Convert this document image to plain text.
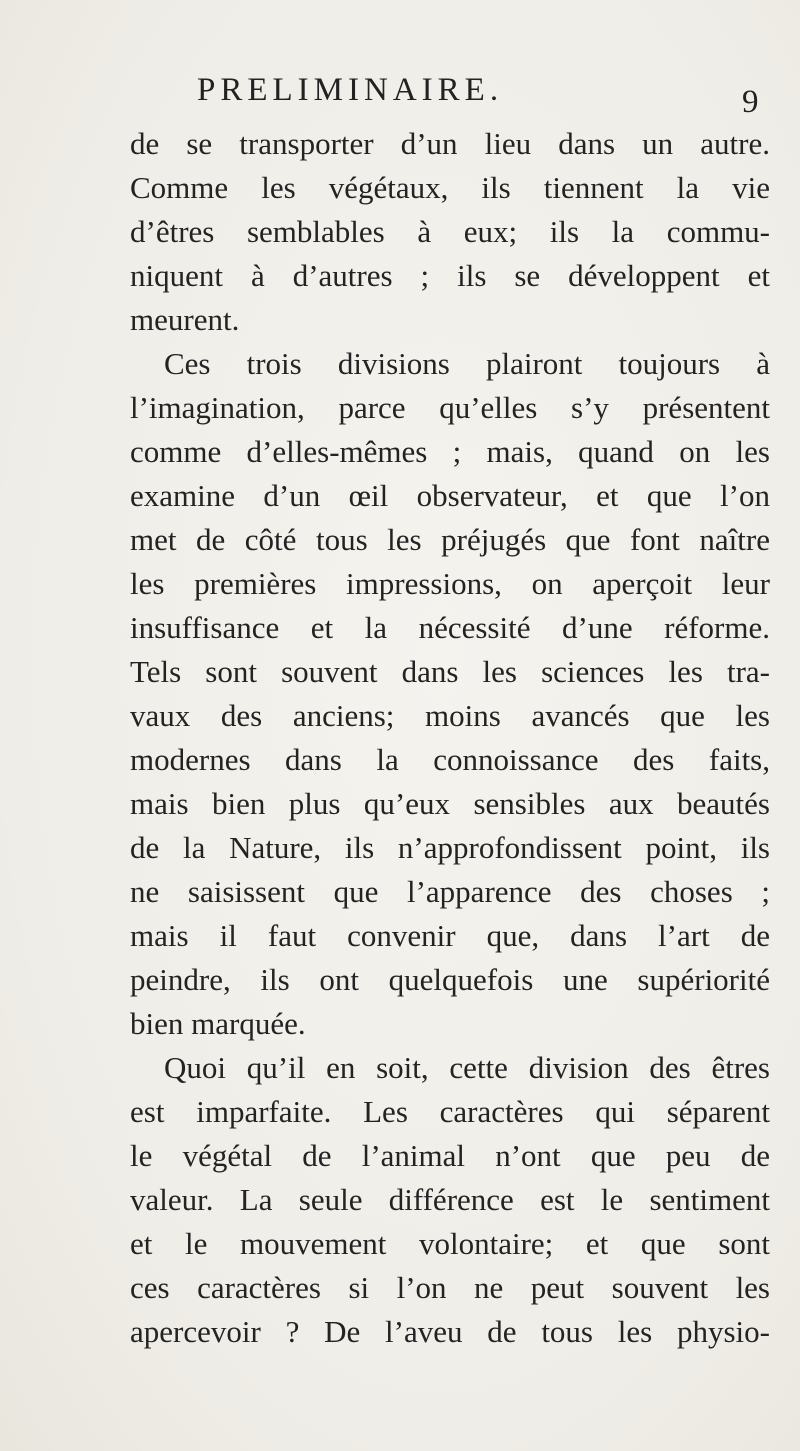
PRELIMINAIRE.	9
de se transporter d’un lieu dans un autre.
Comme les végétaux, ils tiennent la vie
d’êtres semblables à eux; ils la commu-
niquent à d’autres ; ils se développent et
meurent.
Ces trois divisions plairont toujours à
l’imagination, parce qu’elles s’y présentent
comme d’elles-mêmes ; mais, quand on les
examine d’un œil observateur, et que l’on
met de côté tous les préjugés que font naître
les premières impressions, on aperçoit leur
insuffisance et la nécessité d’une réforme.
Tels sont souvent dans les sciences les tra-
vaux des anciens; moins avancés que les
modernes dans la connoissance des faits,
mais bien plus qu’eux sensibles aux beautés
de la Nature, ils n’approfondissent point, ils
ne saisissent que l’apparence des choses ;
mais il faut convenir que, dans l’art de
peindre, ils ont quelquefois une supériorité
bien marquée.
Quoi qu’il en soit, cette division des êtres
est imparfaite. Les caractères qui séparent
le végétal de l’animal n’ont que peu de
valeur. La seule différence est le sentiment
et le mouvement volontaire; et que sont
ces caractères si l’on ne peut souvent les
apercevoir ? De l’aveu de tous les physio-
